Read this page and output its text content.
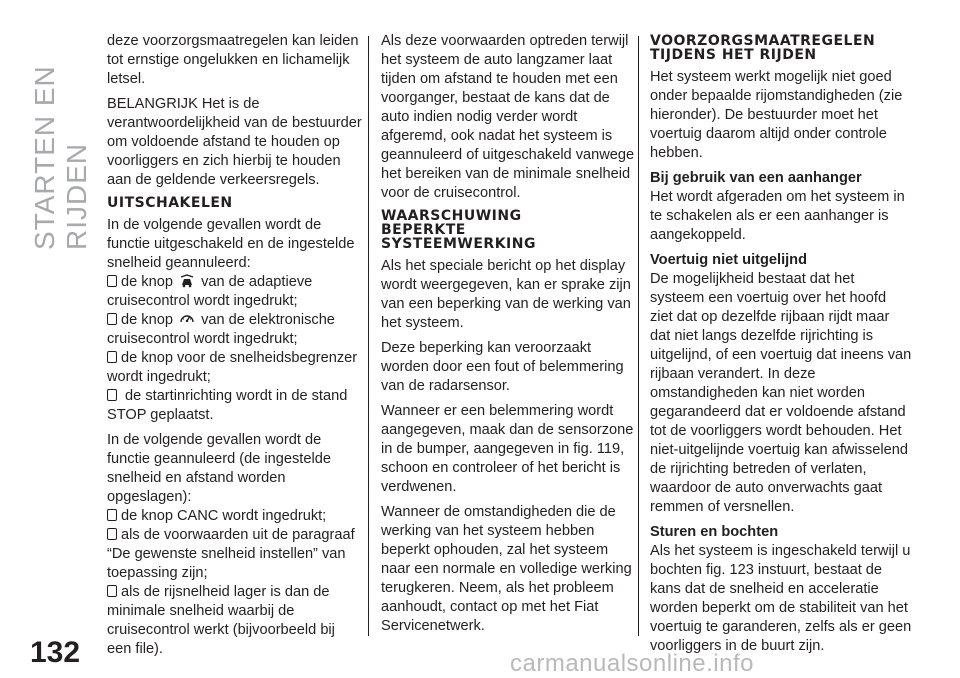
STARTEN EN RIJDEN
132

deze voorzorgsmaatregelen kan leiden tot ernstige ongelukken en lichamelijk letsel.

BELANGRIJK Het is de verantwoordelijkheid van de bestuurder om voldoende afstand te houden op voorliggers en zich hierbij te houden aan de geldende verkeersregels.

UITSCHAKELEN

In de volgende gevallen wordt de functie uitgeschakeld en de ingestelde snelheid geannuleerd:

de knop van de adaptieve cruisecontrol wordt ingedrukt;
de knop van de elektronische cruisecontrol wordt ingedrukt;
de knop voor de snelheidsbegrenzer wordt ingedrukt;
de startinrichting wordt in de stand STOP geplaatst.

In de volgende gevallen wordt de functie geannuleerd (de ingestelde snelheid en afstand worden opgeslagen):

de knop CANC wordt ingedrukt;
als de voorwaarden uit de paragraaf “De gewenste snelheid instellen” van toepassing zijn;
als de rijsnelheid lager is dan de minimale snelheid waarbij de cruisecontrol werkt (bijvoorbeeld bij een file).

Als deze voorwaarden optreden terwijl het systeem de auto langzamer laat tijden om afstand te houden met een voorganger, bestaat de kans dat de auto indien nodig verder wordt afgeremd, ook nadat het systeem is geannuleerd of uitgeschakeld vanwege het bereiken van de minimale snelheid voor de cruisecontrol.

WAARSCHUWING BEPERKTE SYSTEEMWERKING

Als het speciale bericht op het display wordt weergegeven, kan er sprake zijn van een beperking van de werking van het systeem.

Deze beperking kan veroorzaakt worden door een fout of belemmering van de radarsensor.

Wanneer er een belemmering wordt aangegeven, maak dan de sensorzone in de bumper, aangegeven in fig. 119, schoon en controleer of het bericht is verdwenen.

Wanneer de omstandigheden die de werking van het systeem hebben beperkt ophouden, zal het systeem naar een normale en volledige werking terugkeren. Neem, als het probleem aanhoudt, contact op met het Fiat Servicenetwerk.

VOORZORGSMAATREGELEN TIJDENS HET RIJDEN

Het systeem werkt mogelijk niet goed onder bepaalde rijomstandigheden (zie hieronder). De bestuurder moet het voertuig daarom altijd onder controle hebben.

Bij gebruik van een aanhanger

Het wordt afgeraden om het systeem in te schakelen als er een aanhanger is aangekoppeld.

Voertuig niet uitgelijnd

De mogelijkheid bestaat dat het systeem een voertuig over het hoofd ziet dat op dezelfde rijbaan rijdt maar dat niet langs dezelfde rijrichting is uitgelijnd, of een voertuig dat ineens van rijbaan verandert. In deze omstandigheden kan niet worden gegarandeerd dat er voldoende afstand tot de voorliggers wordt behouden. Het niet-uitgelijnde voertuig kan afwisselend de rijrichting betreden of verlaten, waardoor de auto onverwachts gaat remmen of versnellen.

Sturen en bochten

Als het systeem is ingeschakeld terwijl u bochten fig. 123 instuurt, bestaat de kans dat de snelheid en acceleratie worden beperkt om de stabiliteit van het voertuig te garanderen, zelfs als er geen voorliggers in de buurt zijn.

carmanualsonline.info
